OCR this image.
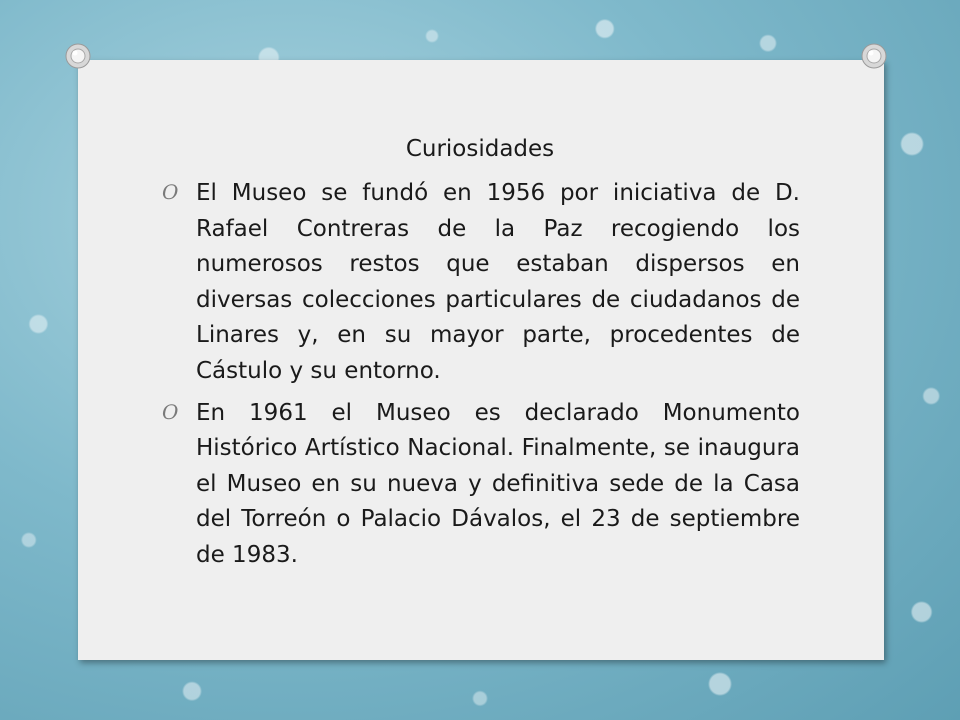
Curiosidades
O El Museo se fundó en 1956 por iniciativa de D. Rafael Contreras de la Paz recogiendo los numerosos restos que estaban dispersos en diversas colecciones particulares de ciudadanos de Linares y, en su mayor parte, procedentes de Cástulo y su entorno.
O En 1961 el Museo es declarado Monumento Histórico Artístico Nacional. Finalmente, se inaugura el Museo en su nueva y definitiva sede de la Casa del Torreón o Palacio Dávalos, el 23 de septiembre de 1983.
